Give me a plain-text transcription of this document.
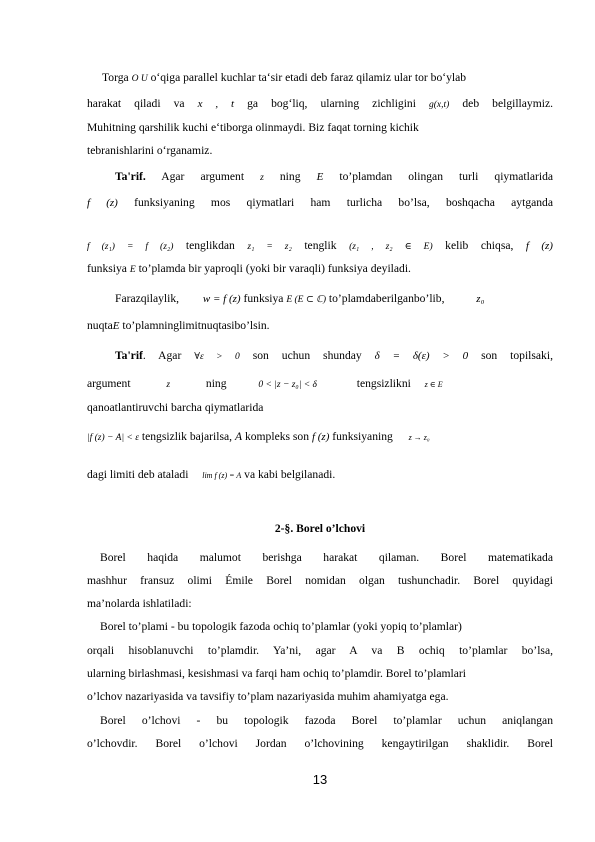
Torga O U o‘qiga parallel kuchlar ta‘sir etadi deb faraz qilamiz ular tor bo‘ylab

harakat qiladi va x , t ga bog‘liq, ularning zichligini g(x,t) deb belgillaymiz.

Muhitning qarshilik kuchi e‘tiborga olinmaydi. Biz faqat torning kichik

tebranishlarini o‘rganamiz.

Ta'rif. Agar argument z ning E to’plamdan olingan turli qiymatlarida

f (z) funksiyaning mos qiymatlari ham turlicha bo’lsa, boshqacha aytganda

f (z₁) = f (z₂) tenglikdan z₁ = z₂ tenglik (z₁ , z₂ ∈ E) kelib chiqsa, f (z)

funksiya E to’plamda bir yaproqli (yoki bir varaqli) funksiya deyiladi.

Farazqilaylik, w = f (z) funksiya E (E ⊂ ℂ) to’plamdaberilganbo’lib,	z₀

nuqtaE to’plamninglimitnuqtasibo’lsin.

Ta'rif. Agar ∀ε > 0 son uchun shunday δ = δ(ε) > 0 son topilsaki,

argument	z	ning	0 < |z − z₀| < δ	tengsizlikni z ∈ E

qanoatlantiruvchi barcha qiymatlarida

|f (z) − A| < ε tengsizlik bajarilsa, A kompleks son f (z) funksiyaning z → z₀

dagi limiti deb ataladi lim f (z) = A va kabi belgilanadi.

2-§. Borel o’lchovi

Borel haqida malumot berishga harakat qilaman. Borel matematikada

mashhur fransuz olimi Émile Borel nomidan olgan tushunchadir. Borel quyidagi

ma’nolarda ishlatiladi:

Borel to’plami - bu topologik fazoda ochiq to’plamlar (yoki yopiq to’plamlar)

orqali hisoblanuvchi to’plamdir. Ya’ni, agar A va B ochiq to’plamlar bo’lsa,

ularning birlashmasi, kesishmasi va farqi ham ochiq to’plamdir. Borel to’plamlari

o’lchov nazariyasida va tavsifiy to’plam nazariyasida muhim ahamiyatga ega.

Borel o’lchovi - bu topologik fazoda Borel to’plamlar uchun aniqlangan

o’lchovdir. Borel o’lchovi Jordan o’lchovining kengaytirilgan shaklidir. Borel

13
